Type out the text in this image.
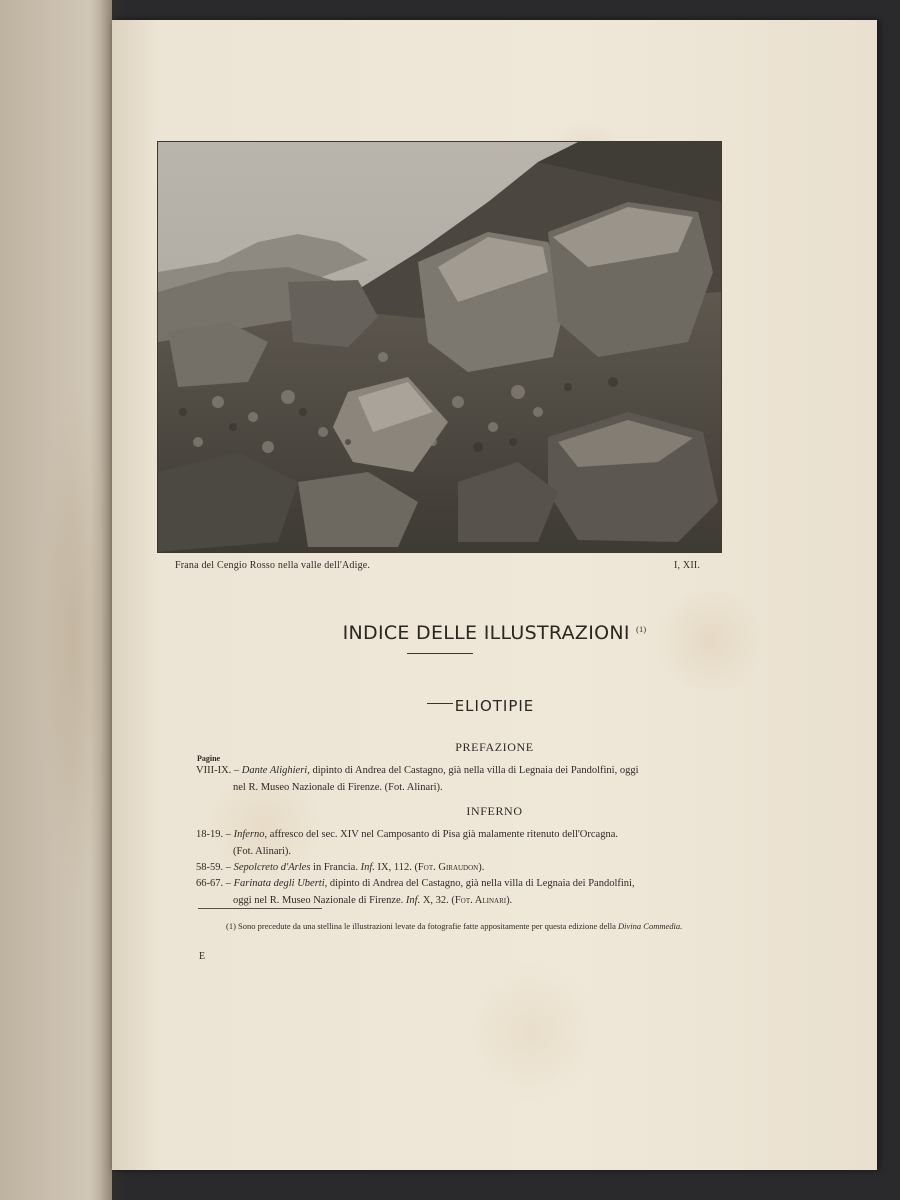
Frana del Cengio Rosso nella valle dell'Adige.	I, XII.
INDICE DELLE ILLUSTRAZIONI $^{(1)}$
ELIOTIPIE
PREFAZIONE
Pagine
VIII-IX. – Dante Alighieri, dipinto di Andrea del Castagno, già nella villa di Legnaia dei Pandolfini, oggi
nel R. Museo Nazionale di Firenze. (Fot. Alinari).
INFERNO
18-19. – Inferno, affresco del sec. XIV nel Camposanto di Pisa già malamente ritenuto dell'Orcagna.
(Fot. Alinari).
58-59. – Sepolcreto d'Arles in Francia. Inf. IX, 112. (Fot. Giraudon).
66-67. – Farinata degli Uberti, dipinto di Andrea del Castagno, già nella villa di Legnaia dei Pandolfini,
oggi nel R. Museo Nazionale di Firenze. Inf. X, 32. (Fot. Alinari).
(1) Sono precedute da una stellina le illustrazioni levate da fotografie fatte appositamente per questa edizione della Divina Commedia.
E
